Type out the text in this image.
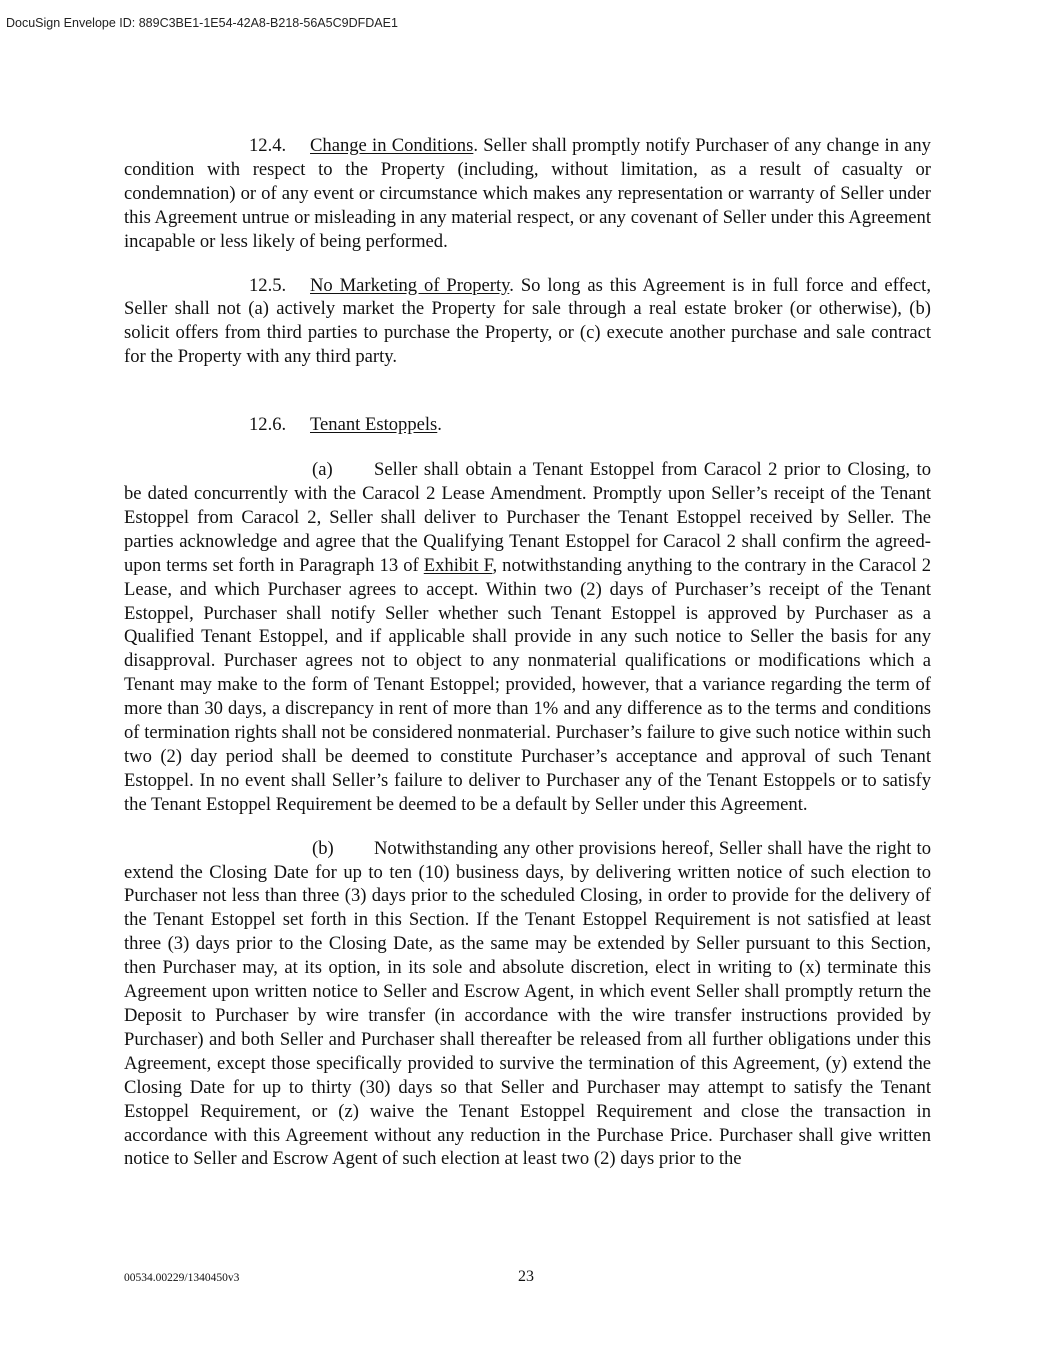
DocuSign Envelope ID: 889C3BE1-1E54-42A8-B218-56A5C9DFDAE1

12.4. Change in Conditions. Seller shall promptly notify Purchaser of any change in any condition with respect to the Property (including, without limitation, as a result of casualty or condemnation) or of any event or circumstance which makes any representation or warranty of Seller under this Agreement untrue or misleading in any material respect, or any covenant of Seller under this Agreement incapable or less likely of being performed.

12.5. No Marketing of Property. So long as this Agreement is in full force and effect, Seller shall not (a) actively market the Property for sale through a real estate broker (or otherwise), (b) solicit offers from third parties to purchase the Property, or (c) execute another purchase and sale contract for the Property with any third party.

12.6. Tenant Estoppels.

(a) Seller shall obtain a Tenant Estoppel from Caracol 2 prior to Closing, to be dated concurrently with the Caracol 2 Lease Amendment. Promptly upon Seller’s receipt of the Tenant Estoppel from Caracol 2, Seller shall deliver to Purchaser the Tenant Estoppel received by Seller. The parties acknowledge and agree that the Qualifying Tenant Estoppel for Caracol 2 shall confirm the agreed-upon terms set forth in Paragraph 13 of Exhibit F, notwithstanding anything to the contrary in the Caracol 2 Lease, and which Purchaser agrees to accept. Within two (2) days of Purchaser’s receipt of the Tenant Estoppel, Purchaser shall notify Seller whether such Tenant Estoppel is approved by Purchaser as a Qualified Tenant Estoppel, and if applicable shall provide in any such notice to Seller the basis for any disapproval. Purchaser agrees not to object to any nonmaterial qualifications or modifications which a Tenant may make to the form of Tenant Estoppel; provided, however, that a variance regarding the term of more than 30 days, a discrepancy in rent of more than 1% and any difference as to the terms and conditions of termination rights shall not be considered nonmaterial. Purchaser’s failure to give such notice within such two (2) day period shall be deemed to constitute Purchaser’s acceptance and approval of such Tenant Estoppel. In no event shall Seller’s failure to deliver to Purchaser any of the Tenant Estoppels or to satisfy the Tenant Estoppel Requirement be deemed to be a default by Seller under this Agreement.

(b) Notwithstanding any other provisions hereof, Seller shall have the right to extend the Closing Date for up to ten (10) business days, by delivering written notice of such election to Purchaser not less than three (3) days prior to the scheduled Closing, in order to provide for the delivery of the Tenant Estoppel set forth in this Section. If the Tenant Estoppel Requirement is not satisfied at least three (3) days prior to the Closing Date, as the same may be extended by Seller pursuant to this Section, then Purchaser may, at its option, in its sole and absolute discretion, elect in writing to (x) terminate this Agreement upon written notice to Seller and Escrow Agent, in which event Seller shall promptly return the Deposit to Purchaser by wire transfer (in accordance with the wire transfer instructions provided by Purchaser) and both Seller and Purchaser shall thereafter be released from all further obligations under this Agreement, except those specifically provided to survive the termination of this Agreement, (y) extend the Closing Date for up to thirty (30) days so that Seller and Purchaser may attempt to satisfy the Tenant Estoppel Requirement, or (z) waive the Tenant Estoppel Requirement and close the transaction in accordance with this Agreement without any reduction in the Purchase Price. Purchaser shall give written notice to Seller and Escrow Agent of such election at least two (2) days prior to the

00534.00229/1340450v3	23
